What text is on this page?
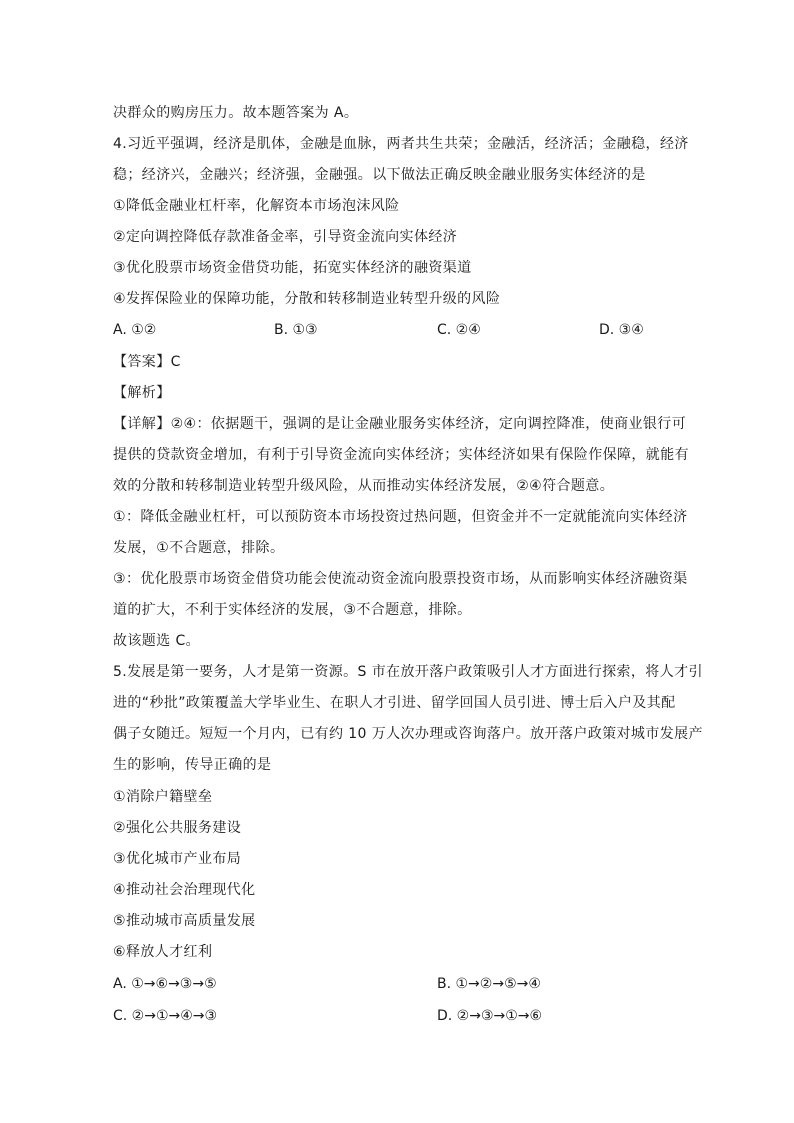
决群众的购房压力。故本题答案为 A。
4.习近平强调，经济是肌体，金融是血脉，两者共生共荣；金融活，经济活；金融稳，经济
稳；经济兴，金融兴；经济强，金融强。以下做法正确反映金融业服务实体经济的是
①降低金融业杠杆率，化解资本市场泡沫风险
②定向调控降低存款准备金率，引导资金流向实体经济
③优化股票市场资金借贷功能，拓宽实体经济的融资渠道
④发挥保险业的保障功能，分散和转移制造业转型升级的风险
A. ①②	B. ①③	C. ②④	D. ③④
【答案】C
【解析】
【详解】②④：依据题干，强调的是让金融业服务实体经济，定向调控降准，使商业银行可
提供的贷款资金增加，有利于引导资金流向实体经济；实体经济如果有保险作保障，就能有
效的分散和转移制造业转型升级风险，从而推动实体经济发展，②④符合题意。
①：降低金融业杠杆，可以预防资本市场投资过热问题，但资金并不一定就能流向实体经济
发展，①不合题意，排除。
③：优化股票市场资金借贷功能会使流动资金流向股票投资市场，从而影响实体经济融资渠
道的扩大，不利于实体经济的发展，③不合题意，排除。
故该题选 C。
5.发展是第一要务，人才是第一资源。S 市在放开落户政策吸引人才方面进行探索，将人才引
进的“秒批”政策覆盖大学毕业生、在职人才引进、留学回国人员引进、博士后入户及其配
偶子女随迁。短短一个月内，已有约 10 万人次办理或咨询落户。放开落户政策对城市发展产
生的影响，传导正确的是
①消除户籍壁垒
②强化公共服务建设
③优化城市产业布局
④推动社会治理现代化
⑤推动城市高质量发展
⑥释放人才红利
A. ①→⑥→③→⑤	B. ①→②→⑤→④
C. ②→①→④→③	D. ②→③→①→⑥
